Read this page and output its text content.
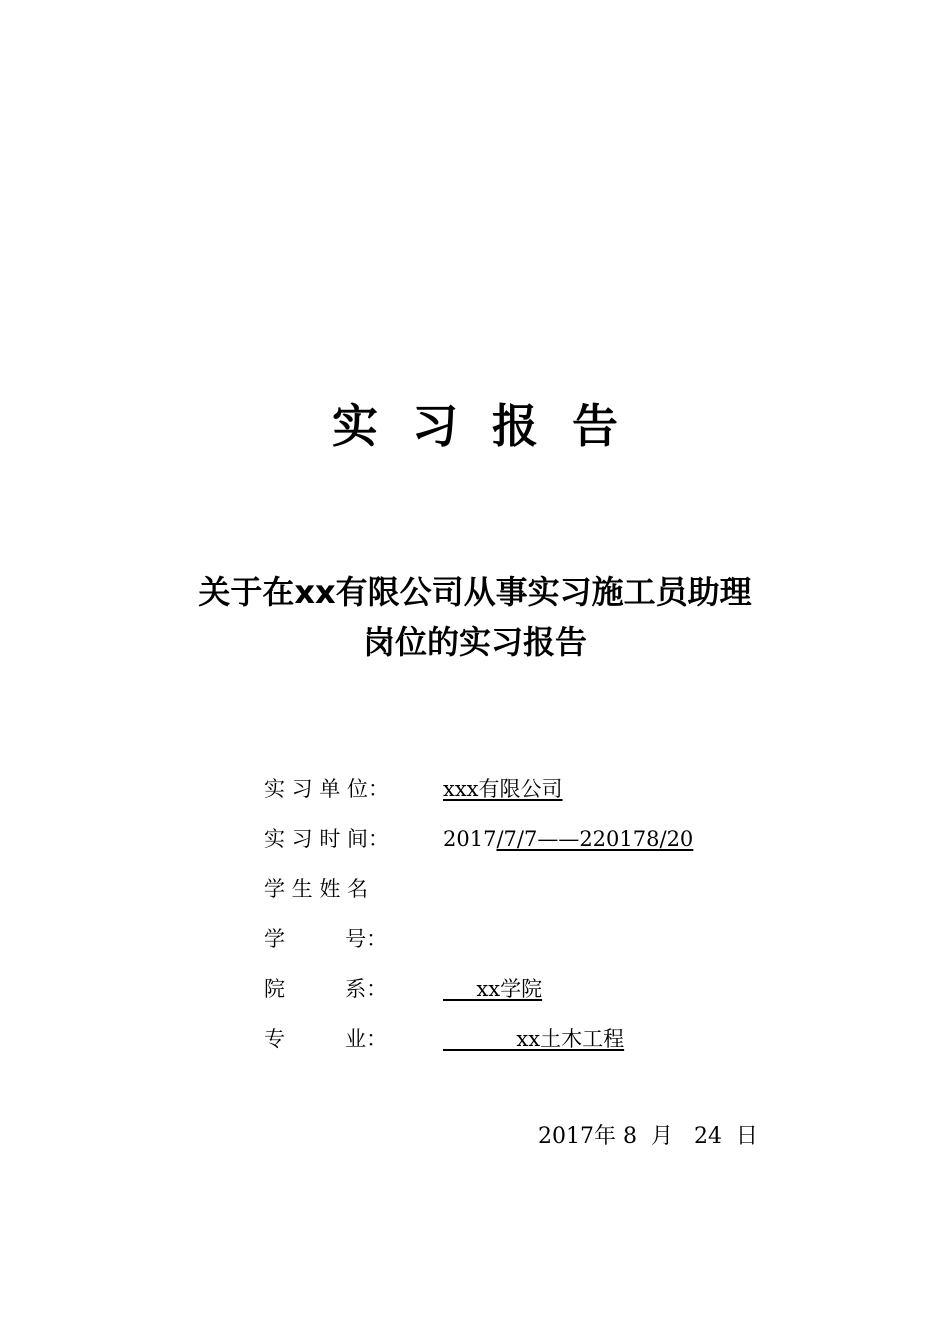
实习报告
关于在xx有限公司从事实习施工员助理
岗位的实习报告
实 习 单 位：	xxx有限公司
实 习 时 间：	2017/7/7——220178/20
学 生 姓 名
学         号：
院         系：	xx学院
专         业：	xx土木工程
2017年 8  月   24  日
